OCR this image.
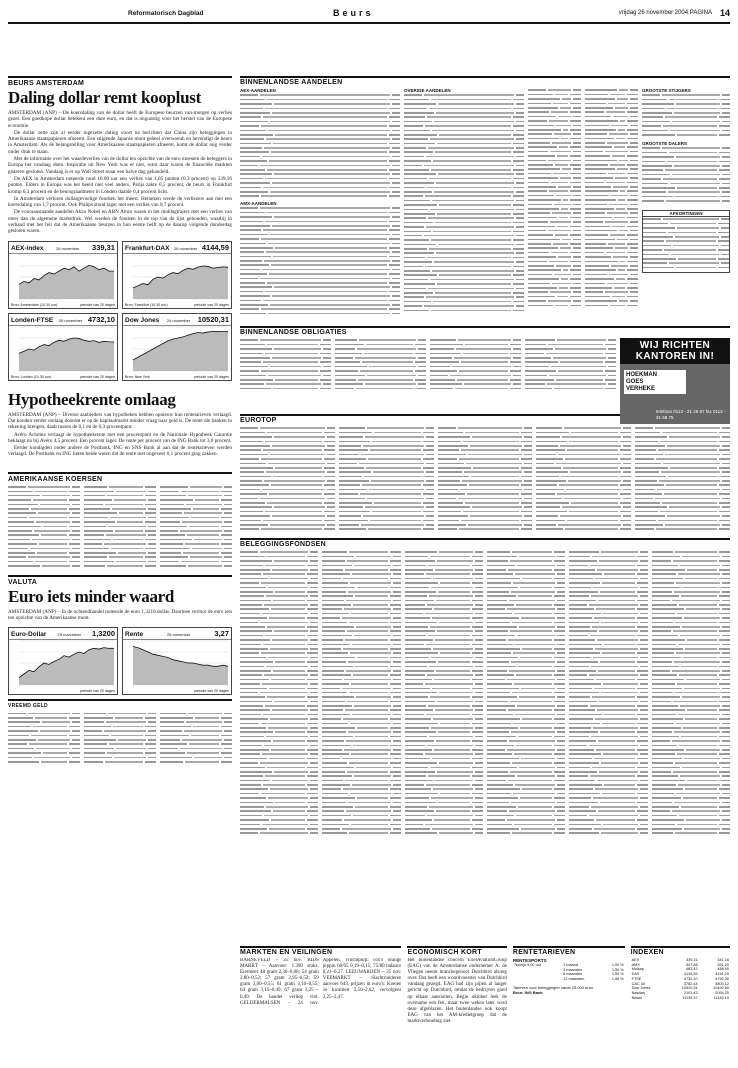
Reformatorisch Dagblad	Beurs	vrijdag 26 november 2004 PAGINA 14
BEURS AMSTERDAM
Daling dollar remt kooplust

AMSTERDAM (ANP) – De koersdaling van de dollar heeft de Europese beurzen van-morgen op verlies gezet. Een goedkope dollar betekent een dure euro, en dat is ongunstig voor het herstel van de Europese economie.

De dollar zette zijn al eerder ingezette daling voort na berichten dat China zijn beleggingen in Amerikaanse staatspapieren afneemt. Een stijgende Japanse munt geheel overwoeuh en hevendigt de beurs in Amsterdam. Als de belangstelling voor Amerikaanse staatspapieren afneemt, komt de dollar nog verder onder druk te staan.

Met de informatie over het waardeverlies van de dollar ten opzichte van de euro moesten de beleggers in Europa het vandaag doen. Inspiratie uit New York was er niet, want daar waren de financiële markten gisteren gesloten. Vandaag is er op Wall Street maar een halve dag gehandeld.

De AEX in Amsterdam noteerde rond 10.00 uur een verlies van 1,05 punten (0,3 procent) op 339,16 punten. Elders in Europa was het beeld niet veel anders. Parijs zakte 0,5 procent, de beurs in Frankfurt kromp 0,3 procent en de beursgraadmeter in Londen daalde 0,4 procent licht.

In Amsterdam verloren dollargevoelige fondsen het meest. Heineken werde de verliezers aan met een koersdaling van 1,7 procent. Ook Philips stond lager met een verlies van 0,7 procent.

De vooraanstaande aandelen Akzo Nobel en ABN Amro waren in het middagtraject met een verlies van meer dan de algemene marktdruk. Wel werden de fondsen in de top van de lijst gehouden, waarbij in verband met het feit dat de Amerikaanse beurzen in hun eerste helft op de daarop volgende donderdag gesloten waren.

AEX-index	26 november 339,31
Bron: Amsterdam (10.30 uur)	periode van 20 dagen
Frankfurt-DAX 26 november 4144,59
Bron: Frankfurt (10.30 uur)	periode van 20 dagen
Londen-FTSE 26 november 4732,10
Bron: Londen (10.30 uur)	periode van 20 dagen
Dow Jones 24 november 10520,31
Bron: New York	periode van 20 dagen
Hypotheekrente omlaag

AMSTERDAM (ANP) – Diverse aanbieders van hypotheken hebben opnieuw hun rentetarieven verlaagd. Dat konden verder omlaag doordat er op de kapitaalmarkt minder vraag naar geld is. De rente die banken in rekening brengen, daalt tussen de 0,1 en de 0,3 procentpunt.

Avéro Achmea verlaagt de hypotheekrente met een procentpunt en de Nationale Hypotheek Garantie beklaagt nu bij Avéro 4,5 procent. Een procent lager. De rente per procent van de ING Bank tot 3,0 procent.

Eerder kondigden onder andere de Postbank, ING en SNS Bank al aan dat de rentetarieven werden verlaagd. De Postbank en ING lieten beide weten dat de rente met ongeveer 0,1 procent ging zakken.

AMERIKAANSE KOERSEN
VALUTA
Euro iets minder waard

AMSTERDAM (ANP) – In de ochtendhandel noteerde de euro 1,3210 dollar. Daarmee verloor de euro iets ten opzichte van de Amerikaanse munt.

Euro-Dollar	25 november 1,3200
periode van 20 dagen
Rente	25 november	3,27
periode van 20 dagen
VREEMD GELD
BINNENLANDSE AANDELEN
AEX-AANDELEN
AMX-AANDELEN
OVERIGE AANDELEN	GROOTSTE STIJGERS
GROOTSTE DALERS
AFKORTINGEN
BINNENLANDSE OBLIGATIES
WIJ RICHTEN KANTOREN IN!
HOEKMAN
GOES
VERHEKE
telefoon 0113 - 21 29 87 fax 0113 - 21 58 75
EUROTOP
BELEGGINGSFONDSEN
MARKTEN EN VEILINGEN
BARNEVELD – 25 nov. BIDS MARKT – Aanvoer: 1.390 stuks. Eiermeer 48 gram 2,30–0,08; 54 gram 2,80–0,52; 57 gram 2,95–0,52; 59 gram 3,00–0,55; 61 gram 3,10–0,55; 64 gram 3,15–0,49; 67 gram 3,25 – 0,49. De handel verliep vlot. GELDERMALSEN – 24 nov. Appelen, vruchtpulp: cox's orange pippin 60/65 0,19–0,15; 75/80 balance 0,21–0,27. LEEUWARDEN – 25 nov. VEEMARKT – Slachtrunderen aanvoer 643, prijzen in euro's: Koeien 1e kwaliteit 2,50–2,62, vervolgens 2,25–2,47.
ECONOMISCH KORT
Het buitenlandse concern ExelAviationGroup (EAG) van de Amsterdamse ondernemer A. de Vliegen neemt branchegenoot Dutchbird alsnog over. Dat heeft een woordvoerster van Dutchbird vandaag gezegd. EAG had zijn pijlen al langer gericht op Dutchbird, omdat de bedrijven goed op elkaar aansluiten. Begin oktober leek de overname een feit, maar twee weken later werd deze afgeblazen. Het buitenlandse ook koopt EAG van het AM-kredietgroep dat de marktverhouding ziet.
RENTETARIEVEN
RENTESPORTS
Termijn 9,00 uur	1 maand	1,00 %
	3 maanden	1,50 %
	6 maanden	1,50 %
	12 maanden	1,55 %
Tarieven voor beleggingen vanaf 25.000 euro.
Bron: ING Bank
INDEXEN
AEX	339,31	341,16
AMX	547,88	551,20
Midkap	483,42	488,90
DAX	4144,59	4151,20
FTSE	4732,10	4750,30
CAC 40	3782,44	3800,12
Dow Jones	10520,31	10492,60
Nasdaq	2101,43	2094,20
Nikkei	11139,37	11182,10
